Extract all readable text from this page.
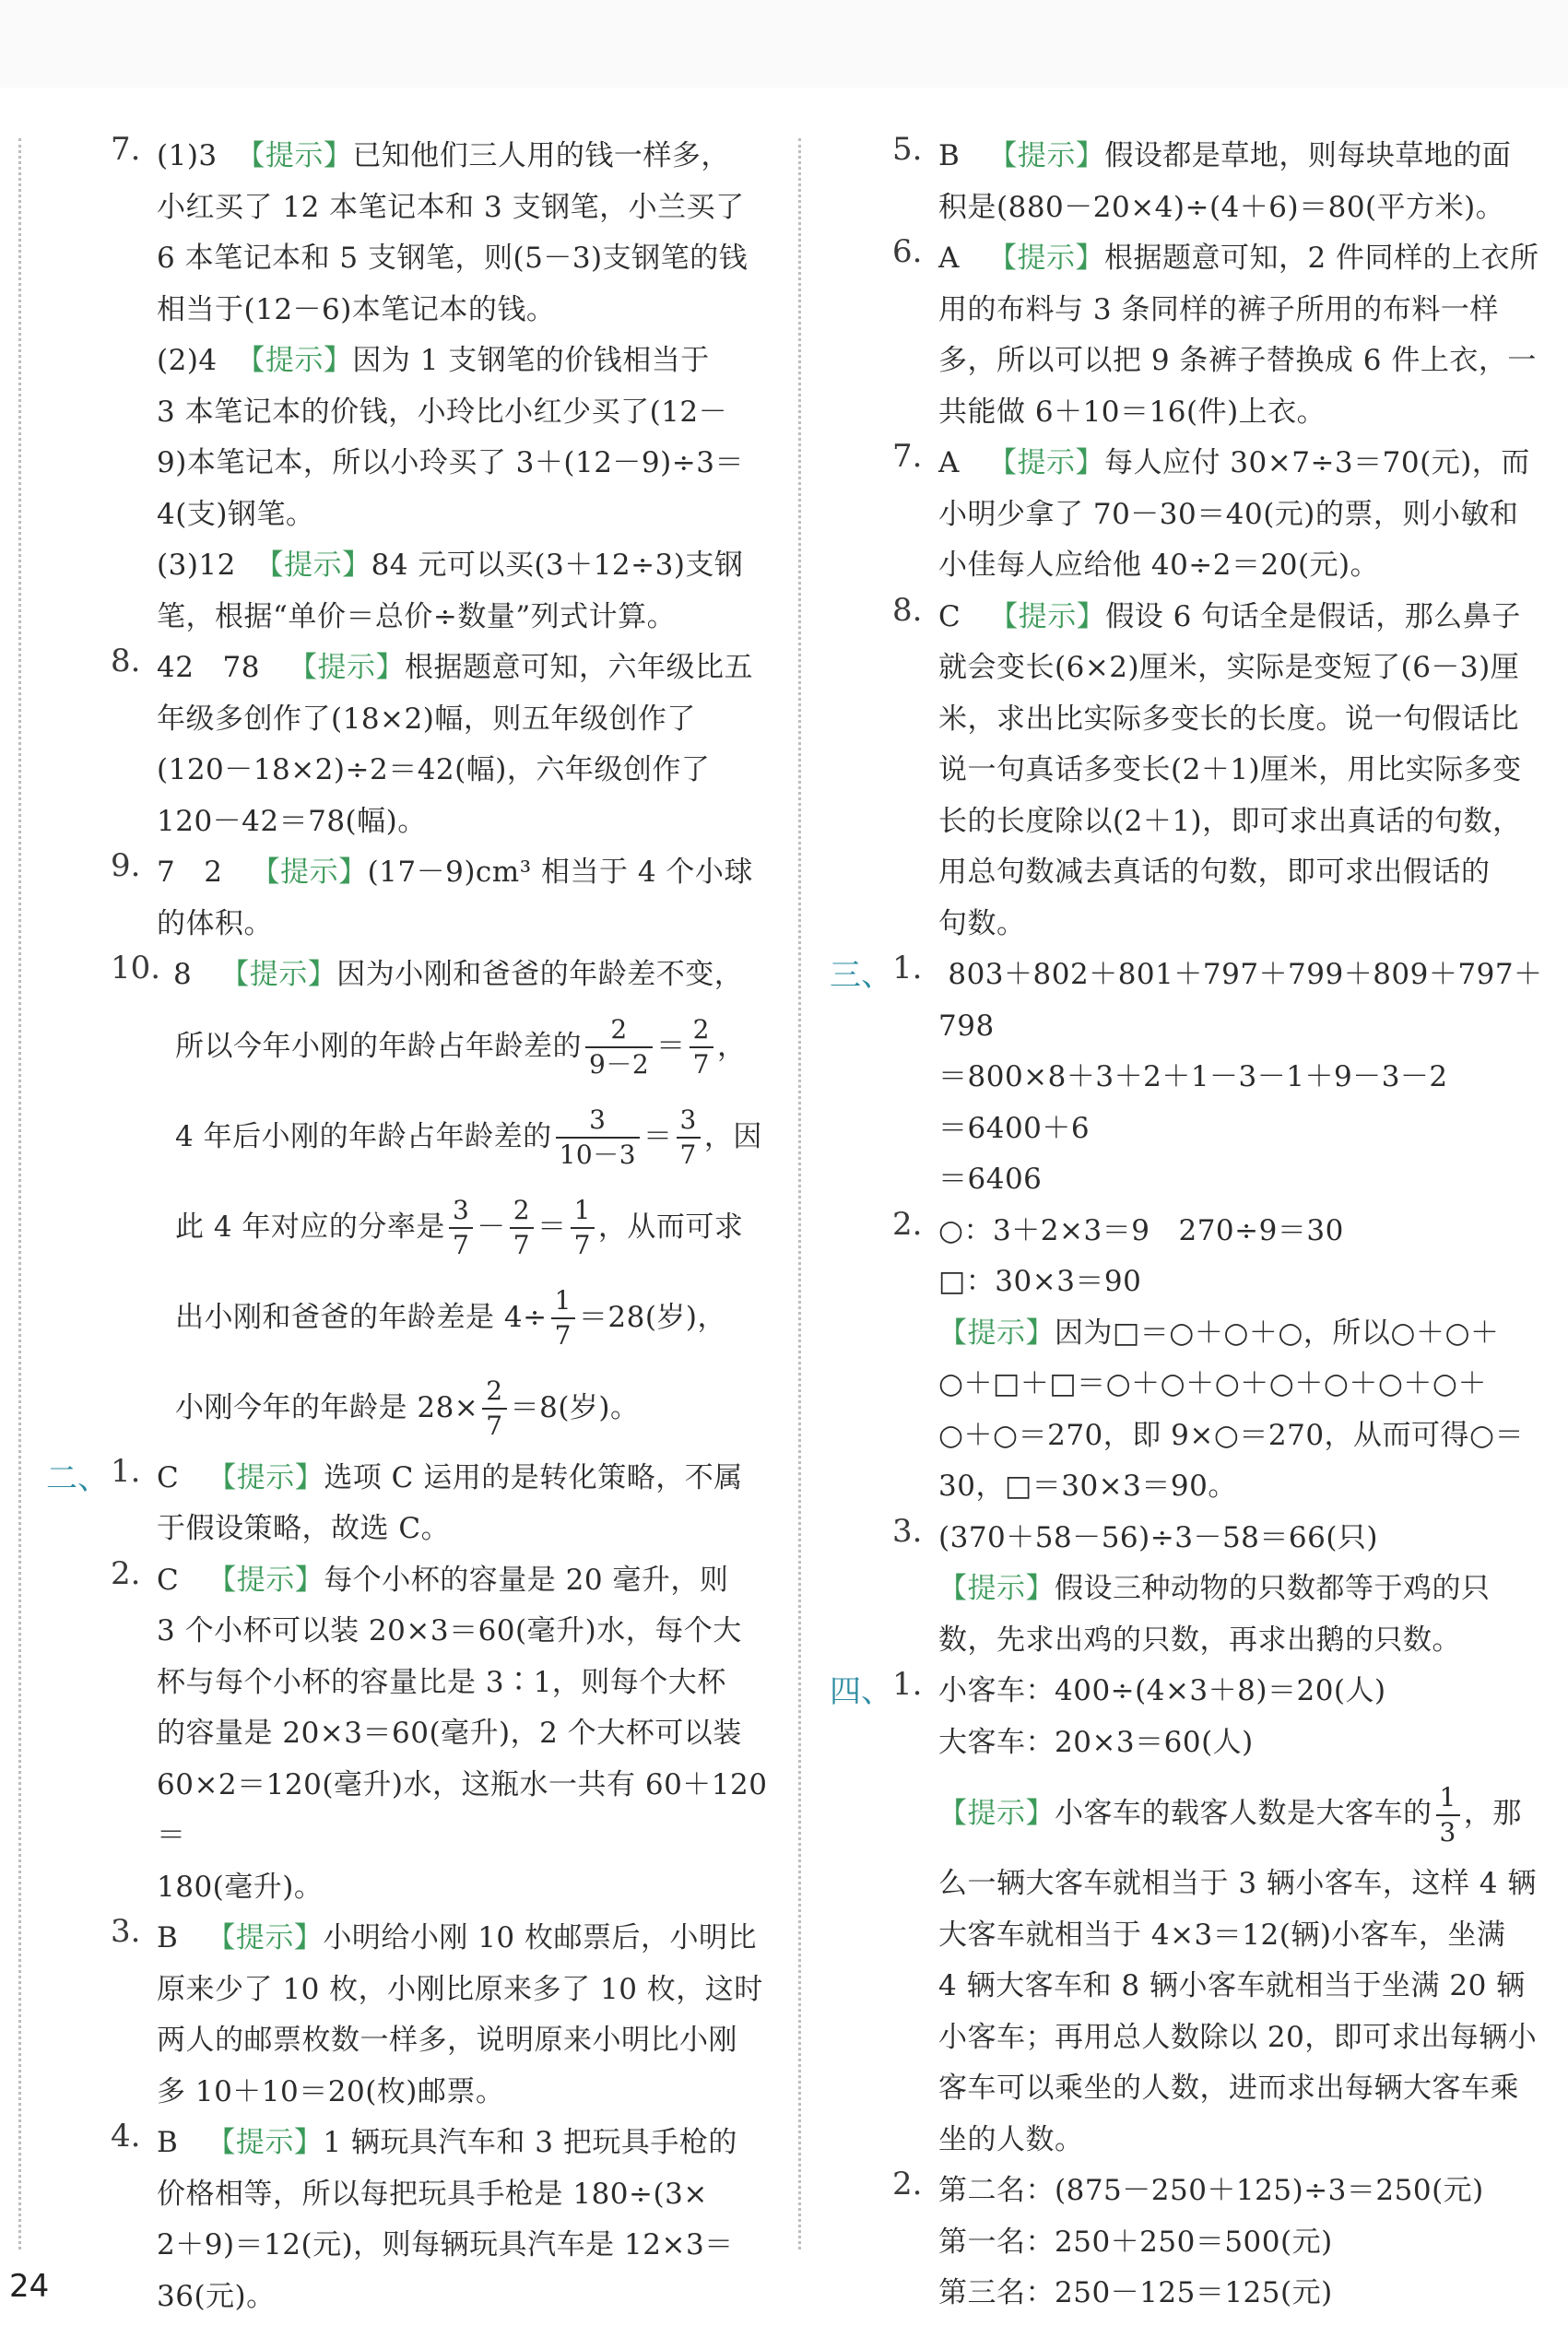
7. (1)3  【提示】已知他们三人用的钱一样多，
小红买了 12 本笔记本和 3 支钢笔，小兰买了
6 本笔记本和 5 支钢笔，则(5－3)支钢笔的钱
相当于(12－6)本笔记本的钱。
(2)4  【提示】因为 1 支钢笔的价钱相当于
3 本笔记本的价钱，小玲比小红少买了(12－
9)本笔记本，所以小玲买了 3＋(12－9)÷3＝
4(支)钢笔。
(3)12  【提示】84 元可以买(3＋12÷3)支钢
笔，根据“单价＝总价÷数量”列式计算。
8. 42   78   【提示】根据题意可知，六年级比五
年级多创作了(18×2)幅，则五年级创作了
(120－18×2)÷2＝42(幅)，六年级创作了
120－42＝78(幅)。
9. 7   2   【提示】(17－9)cm³ 相当于 4 个小球
的体积。
10. 8   【提示】因为小刚和爸爸的年龄差不变，
所以今年小刚的年龄占年龄差的 $\frac{2}{9-2} = \frac{2}{7}$ ，
4 年后小刚的年龄占年龄差的 $\frac{3}{10-3} = \frac{3}{7}$ ，因
此 4 年对应的分率是 $\frac{3}{7} - \frac{2}{7} = \frac{1}{7}$ ，从而可求
出小刚和爸爸的年龄差是 $4\div \frac{1}{7} =28$(岁)，
小刚今年的年龄是 $28\times \frac{2}{7} =8$(岁)。
二、 1. C   【提示】选项 C 运用的是转化策略，不属
于假设策略，故选 C。
2. C   【提示】每个小杯的容量是 20 毫升，则
3 个小杯可以装 20×3＝60(毫升)水，每个大
杯与每个小杯的容量比是 3∶1，则每个大杯
的容量是 20×3＝60(毫升)，2 个大杯可以装
60×2＝120(毫升)水，这瓶水一共有 60＋120＝
180(毫升)。
3. B   【提示】小明给小刚 10 枚邮票后，小明比
原来少了 10 枚，小刚比原来多了 10 枚，这时
两人的邮票枚数一样多，说明原来小明比小刚
多 10＋10＝20(枚)邮票。
4. B   【提示】1 辆玩具汽车和 3 把玩具手枪的
价格相等，所以每把玩具手枪是 180÷(3×
2＋9)＝12(元)，则每辆玩具汽车是 12×3＝
36(元)。
5. B   【提示】假设都是草地，则每块草地的面
积是(880－20×4)÷(4＋6)＝80(平方米)。
6. A   【提示】根据题意可知，2 件同样的上衣所
用的布料与 3 条同样的裤子所用的布料一样
多，所以可以把 9 条裤子替换成 6 件上衣，一
共能做 6＋10＝16(件)上衣。
7. A   【提示】每人应付 30×7÷3＝70(元)，而
小明少拿了 70－30＝40(元)的票，则小敏和
小佳每人应给他 40÷2＝20(元)。
8. C   【提示】假设 6 句话全是假话，那么鼻子
就会变长(6×2)厘米，实际是变短了(6－3)厘
米，求出比实际多变长的长度。说一句假话比
说一句真话多变长(2＋1)厘米，用比实际多变
长的长度除以(2＋1)，即可求出真话的句数，
用总句数减去真话的句数，即可求出假话的
句数。
三、 1. 803＋802＋801＋797＋799＋809＋797＋798
＝800×8＋3＋2＋1－3－1＋9－3－2
＝6400＋6
＝6406
2. ○：3＋2×3＝9   270÷9＝30
□：30×3＝90
【提示】因为□＝○＋○＋○，所以○＋○＋
○＋□＋□＝○＋○＋○＋○＋○＋○＋○＋
○＋○＝270，即 9×○＝270，从而可得○＝
30，□＝30×3＝90。
3. (370＋58－56)÷3－58＝66(只)
【提示】假设三种动物的只数都等于鸡的只
数，先求出鸡的只数，再求出鹅的只数。
四、 1. 小客车：400÷(4×3＋8)＝20(人)
大客车：20×3＝60(人)
【提示】小客车的载客人数是大客车的 $\frac{1}{3}$ ，那
么一辆大客车就相当于 3 辆小客车，这样 4 辆
大客车就相当于 4×3＝12(辆)小客车，坐满
4 辆大客车和 8 辆小客车就相当于坐满 20 辆
小客车；再用总人数除以 20，即可求出每辆小
客车可以乘坐的人数，进而求出每辆大客车乘
坐的人数。
2. 第二名：(875－250＋125)÷3＝250(元)
第一名：250＋250＝500(元)
第三名：250－125＝125(元)
24
